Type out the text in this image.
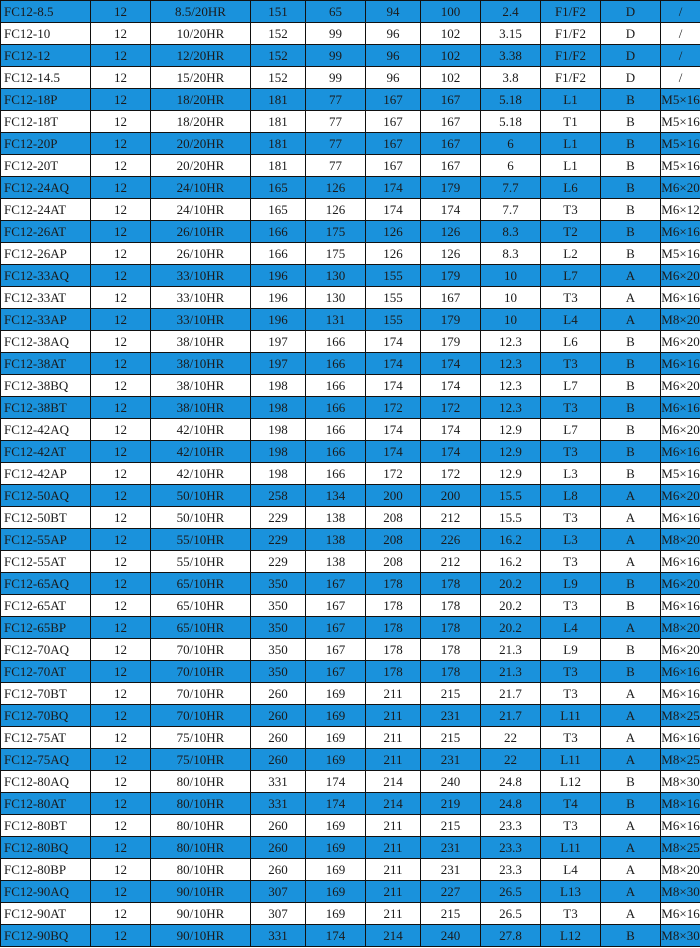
FC12-8.5	12	8.5/20HR	151	65	94	100	2.4	F1/F2	D	/
FC12-10	12	10/20HR	152	99	96	102	3.15	F1/F2	D	/
FC12-12	12	12/20HR	152	99	96	102	3.38	F1/F2	D	/
FC12-14.5	12	15/20HR	152	99	96	102	3.8	F1/F2	D	/
FC12-18P	12	18/20HR	181	77	167	167	5.18	L1	B	M5×16
FC12-18T	12	18/20HR	181	77	167	167	5.18	T1	B	M5×16
FC12-20P	12	20/20HR	181	77	167	167	6	L1	B	M5×16
FC12-20T	12	20/20HR	181	77	167	167	6	L1	B	M5×16
FC12-24AQ	12	24/10HR	165	126	174	179	7.7	L6	B	M6×20
FC12-24AT	12	24/10HR	165	126	174	174	7.7	T3	B	M6×12
FC12-26AT	12	26/10HR	166	175	126	126	8.3	T2	B	M6×16
FC12-26AP	12	26/10HR	166	175	126	126	8.3	L2	B	M5×16
FC12-33AQ	12	33/10HR	196	130	155	179	10	L7	A	M6×20
FC12-33AT	12	33/10HR	196	130	155	167	10	T3	A	M6×16
FC12-33AP	12	33/10HR	196	131	155	179	10	L4	A	M8×20
FC12-38AQ	12	38/10HR	197	166	174	179	12.3	L6	B	M6×20
FC12-38AT	12	38/10HR	197	166	174	174	12.3	T3	B	M6×16
FC12-38BQ	12	38/10HR	198	166	174	174	12.3	L7	B	M6×20
FC12-38BT	12	38/10HR	198	166	172	172	12.3	T3	B	M6×16
FC12-42AQ	12	42/10HR	198	166	174	174	12.9	L7	B	M6×20
FC12-42AT	12	42/10HR	198	166	174	174	12.9	T3	B	M6×16
FC12-42AP	12	42/10HR	198	166	172	172	12.9	L3	B	M5×16
FC12-50AQ	12	50/10HR	258	134	200	200	15.5	L8	A	M6×20
FC12-50BT	12	50/10HR	229	138	208	212	15.5	T3	A	M6×16
FC12-55AP	12	55/10HR	229	138	208	226	16.2	L3	A	M8×20
FC12-55AT	12	55/10HR	229	138	208	212	16.2	T3	A	M6×16
FC12-65AQ	12	65/10HR	350	167	178	178	20.2	L9	B	M6×20
FC12-65AT	12	65/10HR	350	167	178	178	20.2	T3	B	M6×16
FC12-65BP	12	65/10HR	350	167	178	178	20.2	L4	A	M8×20
FC12-70AQ	12	70/10HR	350	167	178	178	21.3	L9	B	M6×20
FC12-70AT	12	70/10HR	350	167	178	178	21.3	T3	B	M6×16
FC12-70BT	12	70/10HR	260	169	211	215	21.7	T3	A	M6×16
FC12-70BQ	12	70/10HR	260	169	211	231	21.7	L11	A	M8×25
FC12-75AT	12	75/10HR	260	169	211	215	22	T3	A	M6×16
FC12-75AQ	12	75/10HR	260	169	211	231	22	L11	A	M8×25
FC12-80AQ	12	80/10HR	331	174	214	240	24.8	L12	B	M8×30
FC12-80AT	12	80/10HR	331	174	214	219	24.8	T4	B	M8×16
FC12-80BT	12	80/10HR	260	169	211	215	23.3	T3	A	M6×16
FC12-80BQ	12	80/10HR	260	169	211	231	23.3	L11	A	M8×25
FC12-80BP	12	80/10HR	260	169	211	231	23.3	L4	A	M8×20
FC12-90AQ	12	90/10HR	307	169	211	227	26.5	L13	A	M8×30
FC12-90AT	12	90/10HR	307	169	211	215	26.5	T3	A	M6×16
FC12-90BQ	12	90/10HR	331	174	214	240	27.8	L12	B	M8×30
